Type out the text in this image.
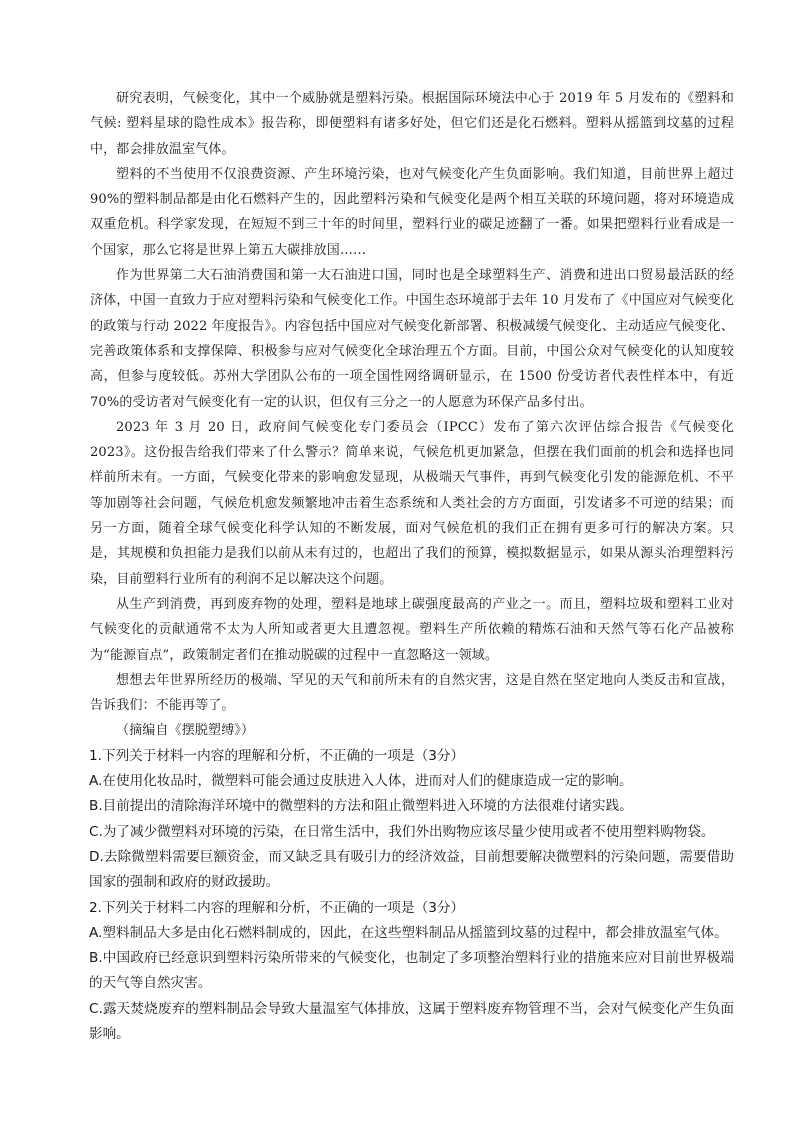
研究表明，气候变化，其中一个威胁就是塑料污染。根据国际环境法中心于 2019 年 5 月发布的《塑料和气候: 塑料星球的隐性成本》报告称，即便塑料有诸多好处，但它们还是化石燃料。塑料从摇篮到坟墓的过程中，都会排放温室气体。

塑料的不当使用不仅浪费资源、产生环境污染，也对气候变化产生负面影响。我们知道，目前世界上超过 90%的塑料制品都是由化石燃料产生的，因此塑料污染和气候变化是两个相互关联的环境问题，将对环境造成双重危机。科学家发现，在短短不到三十年的时间里，塑料行业的碳足迹翻了一番。如果把塑料行业看成是一个国家，那么它将是世界上第五大碳排放国……

作为世界第二大石油消费国和第一大石油进口国，同时也是全球塑料生产、消费和进出口贸易最活跃的经济体，中国一直致力于应对塑料污染和气候变化工作。中国生态环境部于去年 10 月发布了《中国应对气候变化的政策与行动 2022 年度报告》。内容包括中国应对气候变化新部署、积极减缓气候变化、主动适应气候变化、完善政策体系和支撑保障、积极参与应对气候变化全球治理五个方面。目前，中国公众对气候变化的认知度较高，但参与度较低。苏州大学团队公布的一项全国性网络调研显示，在 1500 份受访者代表性样本中，有近 70%的受访者对气候变化有一定的认识，但仅有三分之一的人愿意为环保产品多付出。

2023 年 3 月 20 日，政府间气候变化专门委员会（IPCC）发布了第六次评估综合报告《气候变化 2023》。这份报告给我们带来了什么警示？简单来说，气候危机更加紧急，但摆在我们面前的机会和选择也同样前所未有。一方面，气候变化带来的影响愈发显现，从极端天气事件，再到气候变化引发的能源危机、不平等加剧等社会问题，气候危机愈发频繁地冲击着生态系统和人类社会的方方面面，引发诸多不可逆的结果；而另一方面，随着全球气候变化科学认知的不断发展，面对气候危机的我们正在拥有更多可行的解决方案。只是，其规模和负担能力是我们以前从未有过的，也超出了我们的预算，模拟数据显示，如果从源头治理塑料污染，目前塑料行业所有的利润不足以解决这个问题。

从生产到消费，再到废弃物的处理，塑料是地球上碳强度最高的产业之一。而且，塑料垃圾和塑料工业对气候变化的贡献通常不太为人所知或者更大且遭忽视。塑料生产所依赖的精炼石油和天然气等石化产品被称为“能源盲点”，政策制定者们在推动脱碳的过程中一直忽略这一领域。

想想去年世界所经历的极端、罕见的天气和前所未有的自然灾害，这是自然在坚定地向人类反击和宣战，告诉我们：不能再等了。

（摘编自《摆脱塑缚》）

1.下列关于材料一内容的理解和分析，不正确的一项是（3分）

A.在使用化妆品时，微塑料可能会通过皮肤进入人体，进而对人们的健康造成一定的影响。

B.目前提出的清除海洋环境中的微塑料的方法和阻止微塑料进入环境的方法很难付诸实践。

C.为了减少微塑料对环境的污染，在日常生活中，我们外出购物应该尽量少使用或者不使用塑料购物袋。

D.去除微塑料需要巨额资金，而又缺乏具有吸引力的经济效益，目前想要解决微塑料的污染问题，需要借助国家的强制和政府的财政援助。

2.下列关于材料二内容的理解和分析，不正确的一项是（3分）

A.塑料制品大多是由化石燃料制成的，因此，在这些塑料制品从摇篮到坟墓的过程中，都会排放温室气体。

B.中国政府已经意识到塑料污染所带来的气候变化，也制定了多项整治塑料行业的措施来应对目前世界极端的天气等自然灾害。

C.露天焚烧废弃的塑料制品会导致大量温室气体排放，这属于塑料废弃物管理不当，会对气候变化产生负面影响。
